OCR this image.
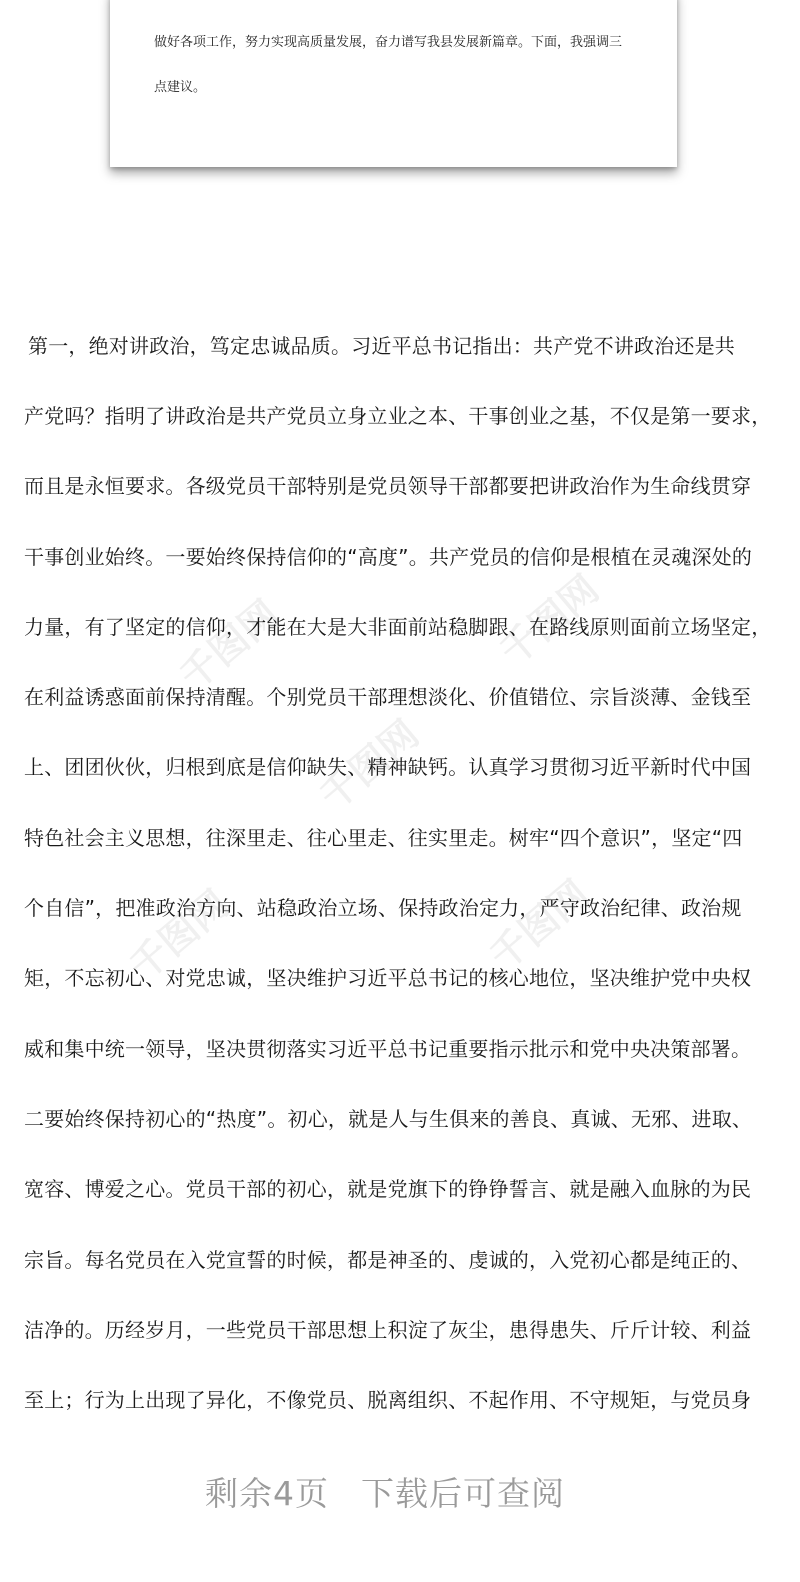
做好各项工作，努力实现高质量发展，奋力谱写我县发展新篇章。下面，我强调三
点建议。
千图网	千图网
千图网
千图网	千图网
第一，绝对讲政治，笃定忠诚品质。习近平总书记指出：共产党不讲政治还是共
产党吗？指明了讲政治是共产党员立身立业之本、干事创业之基，不仅是第一要求，
而且是永恒要求。各级党员干部特别是党员领导干部都要把讲政治作为生命线贯穿
干事创业始终。一要始终保持信仰的“高度”。共产党员的信仰是根植在灵魂深处的
力量，有了坚定的信仰，才能在大是大非面前站稳脚跟、在路线原则面前立场坚定，
在利益诱惑面前保持清醒。个别党员干部理想淡化、价值错位、宗旨淡薄、金钱至
上、团团伙伙，归根到底是信仰缺失、精神缺钙。认真学习贯彻习近平新时代中国
特色社会主义思想，往深里走、往心里走、往实里走。树牢“四个意识”，坚定“四
个自信”，把准政治方向、站稳政治立场、保持政治定力，严守政治纪律、政治规
矩，不忘初心、对党忠诚，坚决维护习近平总书记的核心地位，坚决维护党中央权
威和集中统一领导，坚决贯彻落实习近平总书记重要指示批示和党中央决策部署。
二要始终保持初心的“热度”。初心，就是人与生俱来的善良、真诚、无邪、进取、
宽容、博爱之心。党员干部的初心，就是党旗下的铮铮誓言、就是融入血脉的为民
宗旨。每名党员在入党宣誓的时候，都是神圣的、虔诚的，入党初心都是纯正的、
洁净的。历经岁月，一些党员干部思想上积淀了灰尘，患得患失、斤斤计较、利益
至上；行为上出现了异化，不像党员、脱离组织、不起作用、不守规矩，与党员身
剩余4页 下载后可查阅
